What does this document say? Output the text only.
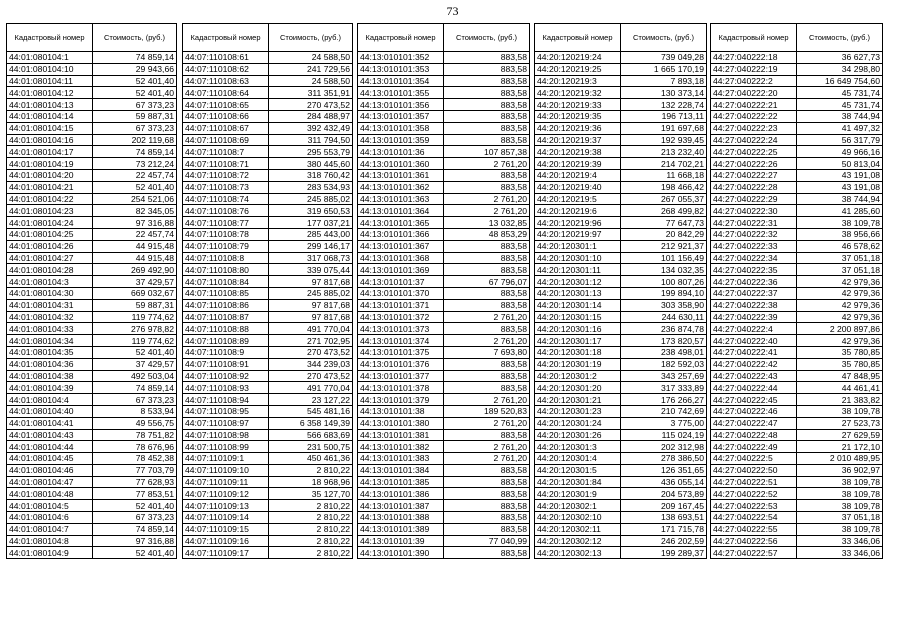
73
Кадастровый номер	Стоимость, (руб.)
44:01:080104:1	74 859,14
44:01:080104:10	29 943,66
44:01:080104:11	52 401,40
44:01:080104:12	52 401,40
44:01:080104:13	67 373,23
44:01:080104:14	59 887,31
44:01:080104:15	67 373,23
44:01:080104:16	202 119,68
44:01:080104:17	74 859,14
44:01:080104:19	73 212,24
44:01:080104:20	22 457,74
44:01:080104:21	52 401,40
44:01:080104:22	254 521,06
44:01:080104:23	82 345,05
44:01:080104:24	97 316,88
44:01:080104:25	22 457,74
44:01:080104:26	44 915,48
44:01:080104:27	44 915,48
44:01:080104:28	269 492,90
44:01:080104:3	37 429,57
44:01:080104:30	669 032,67
44:01:080104:31	59 887,31
44:01:080104:32	119 774,62
44:01:080104:33	276 978,82
44:01:080104:34	119 774,62
44:01:080104:35	52 401,40
44:01:080104:36	37 429,57
44:01:080104:38	492 503,04
44:01:080104:39	74 859,14
44:01:080104:4	67 373,23
44:01:080104:40	8 533,94
44:01:080104:41	49 556,75
44:01:080104:43	78 751,82
44:01:080104:44	78 676,96
44:01:080104:45	78 452,38
44:01:080104:46	77 703,79
44:01:080104:47	77 628,93
44:01:080104:48	77 853,51
44:01:080104:5	52 401,40
44:01:080104:6	67 373,23
44:01:080104:7	74 859,14
44:01:080104:8	97 316,88
44:01:080104:9	52 401,40
Кадастровый номер	Стоимость, (руб.)
44:07:110108:61	24 588,50
44:07:110108:62	241 729,56
44:07:110108:63	24 588,50
44:07:110108:64	311 351,91
44:07:110108:65	270 473,52
44:07:110108:66	284 488,97
44:07:110108:67	392 432,49
44:07:110108:69	311 794,50
44:07:110108:7	295 553,79
44:07:110108:71	380 445,60
44:07:110108:72	318 760,42
44:07:110108:73	283 534,93
44:07:110108:74	245 885,02
44:07:110108:76	319 650,53
44:07:110108:77	177 037,21
44:07:110108:78	285 443,00
44:07:110108:79	299 146,17
44:07:110108:8	317 068,73
44:07:110108:80	339 075,44
44:07:110108:84	97 817,68
44:07:110108:85	245 885,02
44:07:110108:86	97 817,68
44:07:110108:87	97 817,68
44:07:110108:88	491 770,04
44:07:110108:89	271 702,95
44:07:110108:9	270 473,52
44:07:110108:91	344 239,03
44:07:110108:92	270 473,52
44:07:110108:93	491 770,04
44:07:110108:94	23 127,22
44:07:110108:95	545 481,16
44:07:110108:97	6 358 149,39
44:07:110108:98	566 683,69
44:07:110108:99	231 500,75
44:07:110109:1	450 461,36
44:07:110109:10	2 810,22
44:07:110109:11	18 968,96
44:07:110109:12	35 127,70
44:07:110109:13	2 810,22
44:07:110109:14	2 810,22
44:07:110109:15	2 810,22
44:07:110109:16	2 810,22
44:07:110109:17	2 810,22
Кадастровый номер	Стоимость, (руб.)
44:13:010101:352	883,58
44:13:010101:353	883,58
44:13:010101:354	883,58
44:13:010101:355	883,58
44:13:010101:356	883,58
44:13:010101:357	883,58
44:13:010101:358	883,58
44:13:010101:359	883,58
44:13:010101:36	107 857,38
44:13:010101:360	2 761,20
44:13:010101:361	883,58
44:13:010101:362	883,58
44:13:010101:363	2 761,20
44:13:010101:364	2 761,20
44:13:010101:365	13 032,85
44:13:010101:366	48 853,29
44:13:010101:367	883,58
44:13:010101:368	883,58
44:13:010101:369	883,58
44:13:010101:37	67 796,07
44:13:010101:370	883,58
44:13:010101:371	883,58
44:13:010101:372	2 761,20
44:13:010101:373	883,58
44:13:010101:374	2 761,20
44:13:010101:375	7 693,80
44:13:010101:376	883,58
44:13:010101:377	883,58
44:13:010101:378	883,58
44:13:010101:379	2 761,20
44:13:010101:38	189 520,83
44:13:010101:380	2 761,20
44:13:010101:381	883,58
44:13:010101:382	2 761,20
44:13:010101:383	2 761,20
44:13:010101:384	883,58
44:13:010101:385	883,58
44:13:010101:386	883,58
44:13:010101:387	883,58
44:13:010101:388	883,58
44:13:010101:389	883,58
44:13:010101:39	77 040,99
44:13:010101:390	883,58
Кадастровый номер	Стоимость, (руб.)
44:20:120219:24	739 049,28
44:20:120219:25	1 665 170,19
44:20:120219:3	7 893,18
44:20:120219:32	130 373,14
44:20:120219:33	132 228,74
44:20:120219:35	196 713,11
44:20:120219:36	191 697,68
44:20:120219:37	192 939,45
44:20:120219:38	213 232,40
44:20:120219:39	214 702,21
44:20:120219:4	11 668,18
44:20:120219:40	198 466,42
44:20:120219:5	267 055,37
44:20:120219:6	268 499,82
44:20:120219:96	77 647,73
44:20:120219:97	20 842,29
44:20:120301:1	212 921,37
44:20:120301:10	101 156,49
44:20:120301:11	134 032,35
44:20:120301:12	100 807,26
44:20:120301:13	199 894,10
44:20:120301:14	303 358,90
44:20:120301:15	244 630,11
44:20:120301:16	236 874,78
44:20:120301:17	173 820,57
44:20:120301:18	238 498,01
44:20:120301:19	182 592,03
44:20:120301:2	343 257,69
44:20:120301:20	317 333,89
44:20:120301:21	176 266,27
44:20:120301:23	210 742,69
44:20:120301:24	3 775,00
44:20:120301:26	115 024,19
44:20:120301:3	202 312,98
44:20:120301:4	278 386,50
44:20:120301:5	126 351,65
44:20:120301:84	436 055,14
44:20:120301:9	204 573,89
44:20:120302:1	209 167,45
44:20:120302:10	138 693,51
44:20:120302:11	171 715,78
44:20:120302:12	246 202,59
44:20:120302:13	199 289,37
Кадастровый номер	Стоимость, (руб.)
44:27:040222:18	36 627,73
44:27:040222:19	34 298,80
44:27:040222:2	16 649 754,60
44:27:040222:20	45 731,74
44:27:040222:21	45 731,74
44:27:040222:22	38 744,94
44:27:040222:23	41 497,32
44:27:040222:24	56 317,79
44:27:040222:25	49 966,16
44:27:040222:26	50 813,04
44:27:040222:27	43 191,08
44:27:040222:28	43 191,08
44:27:040222:29	38 744,94
44:27:040222:30	41 285,60
44:27:040222:31	38 109,78
44:27:040222:32	38 956,66
44:27:040222:33	46 578,62
44:27:040222:34	37 051,18
44:27:040222:35	37 051,18
44:27:040222:36	42 979,36
44:27:040222:37	42 979,36
44:27:040222:38	42 979,36
44:27:040222:39	42 979,36
44:27:040222:4	2 200 897,86
44:27:040222:40	42 979,36
44:27:040222:41	35 780,85
44:27:040222:42	35 780,85
44:27:040222:43	47 848,95
44:27:040222:44	44 461,41
44:27:040222:45	21 383,82
44:27:040222:46	38 109,78
44:27:040222:47	27 523,73
44:27:040222:48	27 629,59
44:27:040222:49	21 172,10
44:27:040222:5	2 010 489,95
44:27:040222:50	36 902,97
44:27:040222:51	38 109,78
44:27:040222:52	38 109,78
44:27:040222:53	38 109,78
44:27:040222:54	37 051,18
44:27:040222:55	38 109,78
44:27:040222:56	33 346,06
44:27:040222:57	33 346,06
